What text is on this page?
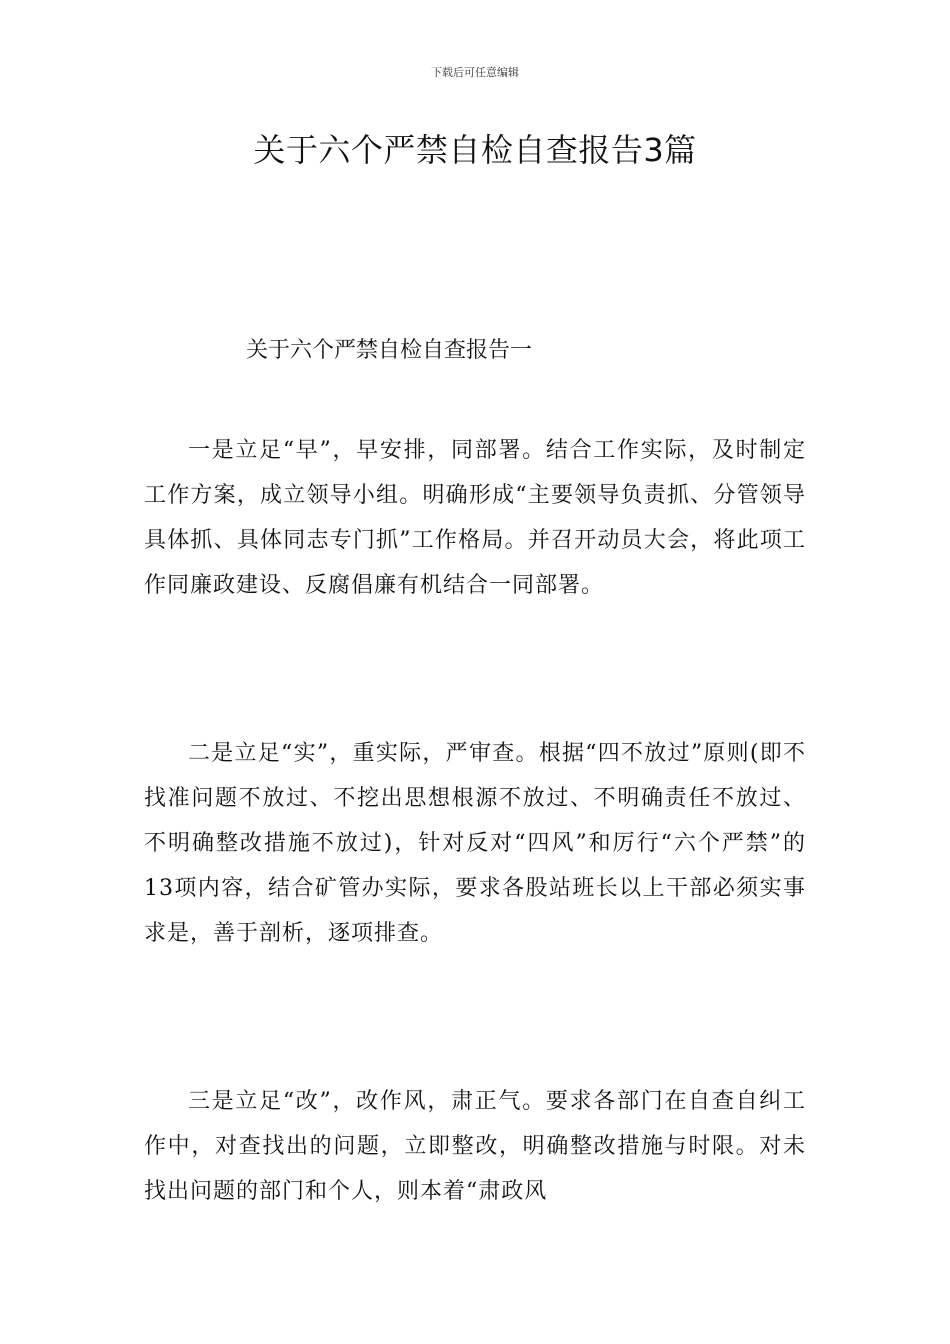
下载后可任意编辑
关于六个严禁自检自查报告3篇
关于六个严禁自检自查报告一

一是立足“早”，早安排，同部署。结合工作实际，及时制定工作方案，成立领导小组。明确形成“主要领导负责抓、分管领导具体抓、具体同志专门抓”工作格局。并召开动员大会，将此项工作同廉政建设、反腐倡廉有机结合一同部署。

二是立足“实”，重实际，严审查。根据“四不放过”原则(即不找准问题不放过、不挖出思想根源不放过、不明确责任不放过、不明确整改措施不放过)，针对反对“四风”和厉行“六个严禁”的13项内容，结合矿管办实际，要求各股站班长以上干部必须实事求是，善于剖析，逐项排查。

三是立足“改”，改作风，肃正气。要求各部门在自查自纠工作中，对查找出的问题，立即整改，明确整改措施与时限。对未找出问题的部门和个人，则本着“肃政风
